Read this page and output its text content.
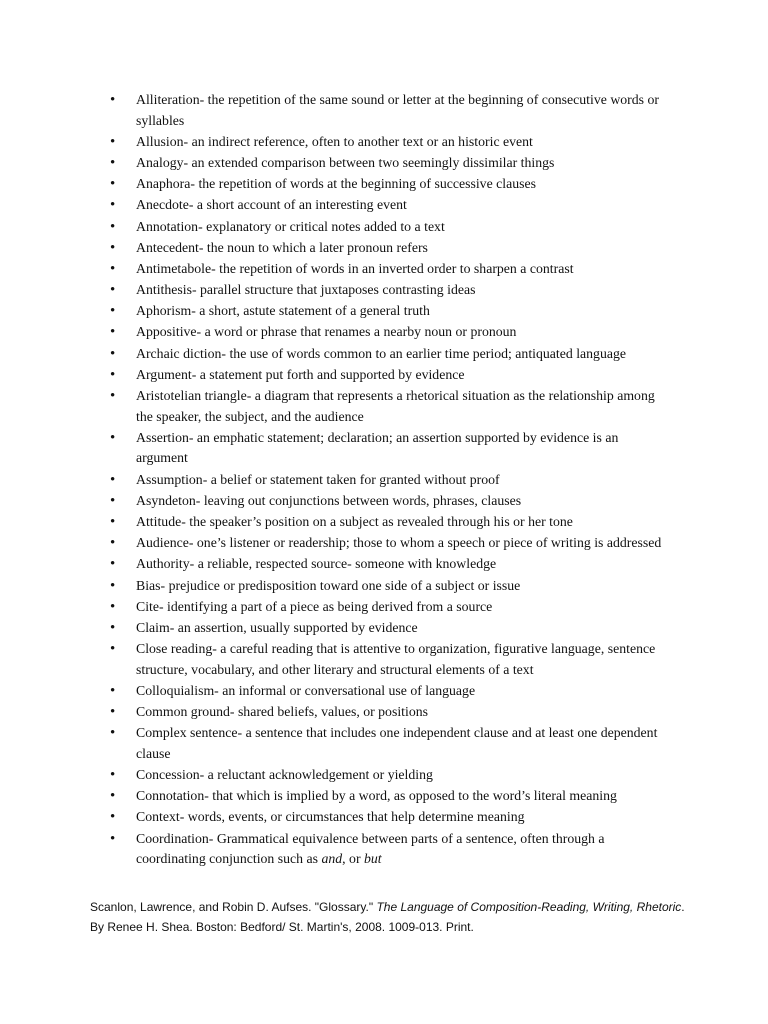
• Alliteration- the repetition of the same sound or letter at the beginning of consecutive words or syllables
• Allusion- an indirect reference, often to another text or an historic event
• Analogy- an extended comparison between two seemingly dissimilar things
• Anaphora- the repetition of words at the beginning of successive clauses
• Anecdote- a short account of an interesting event
• Annotation- explanatory or critical notes added to a text
• Antecedent- the noun to which a later pronoun refers
• Antimetabole- the repetition of words in an inverted order to sharpen a contrast
• Antithesis- parallel structure that juxtaposes contrasting ideas
• Aphorism- a short, astute statement of a general truth
• Appositive- a word or phrase that renames a nearby noun or pronoun
• Archaic diction- the use of words common to an earlier time period; antiquated language
• Argument- a statement put forth and supported by evidence
• Aristotelian triangle- a diagram that represents a rhetorical situation as the relationship among the speaker, the subject, and the audience
• Assertion- an emphatic statement; declaration; an assertion supported by evidence is an argument
• Assumption- a belief or statement taken for granted without proof
• Asyndeton- leaving out conjunctions between words, phrases, clauses
• Attitude- the speaker’s position on a subject as revealed through his or her tone
• Audience- one’s listener or readership; those to whom a speech or piece of writing is addressed
• Authority- a reliable, respected source- someone with knowledge
• Bias- prejudice or predisposition toward one side of a subject or issue
• Cite- identifying a part of a piece as being derived from a source
• Claim- an assertion, usually supported by evidence
• Close reading- a careful reading that is attentive to organization, figurative language, sentence structure, vocabulary, and other literary and structural elements of a text
• Colloquialism- an informal or conversational use of language
• Common ground- shared beliefs, values, or positions
• Complex sentence- a sentence that includes one independent clause and at least one dependent clause
• Concession- a reluctant acknowledgement or yielding
• Connotation- that which is implied by a word, as opposed to the word’s literal meaning
• Context- words, events, or circumstances that help determine meaning
• Coordination- Grammatical equivalence between parts of a sentence, often through a coordinating conjunction such as and, or but
Scanlon, Lawrence, and Robin D. Aufses. "Glossary." The Language of Composition-Reading, Writing, Rhetoric. By Renee H. Shea. Boston: Bedford/ St. Martin's, 2008. 1009-013. Print.
